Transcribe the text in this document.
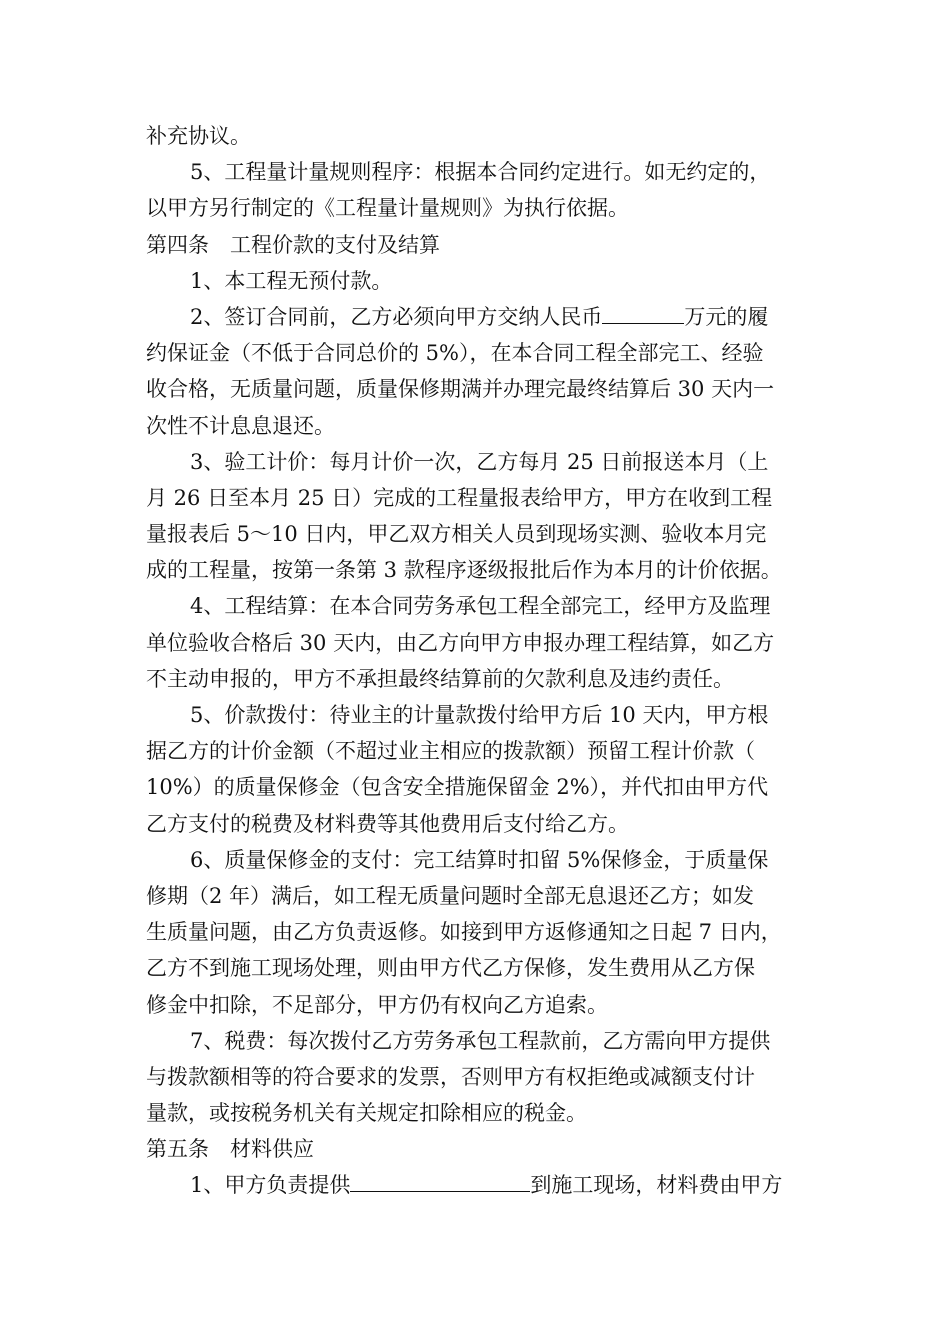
补充协议。
5、工程量计量规则程序：根据本合同约定进行。如无约定的，
以甲方另行制定的《工程量计量规则》为执行依据。
第四条　工程价款的支付及结算
1、本工程无预付款。
2、签订合同前，乙方必须向甲方交纳人民币	万元的履
约保证金（不低于合同总价的 5%），在本合同工程全部完工、经验
收合格，无质量问题，质量保修期满并办理完最终结算后 30 天内一
次性不计息息退还。
3、验工计价：每月计价一次，乙方每月 25 日前报送本月（上
月 26 日至本月 25 日）完成的工程量报表给甲方，甲方在收到工程
量报表后 5～10 日内，甲乙双方相关人员到现场实测、验收本月完
成的工程量，按第一条第 3 款程序逐级报批后作为本月的计价依据。
4、工程结算：在本合同劳务承包工程全部完工，经甲方及监理
单位验收合格后 30 天内，由乙方向甲方申报办理工程结算，如乙方
不主动申报的，甲方不承担最终结算前的欠款利息及违约责任。
5、价款拨付：待业主的计量款拨付给甲方后 10 天内，甲方根
据乙方的计价金额（不超过业主相应的拨款额）预留工程计价款（
10%）的质量保修金（包含安全措施保留金 2%），并代扣由甲方代
乙方支付的税费及材料费等其他费用后支付给乙方。
6、质量保修金的支付：完工结算时扣留 5%保修金，于质量保
修期（2 年）满后，如工程无质量问题时全部无息退还乙方；如发
生质量问题，由乙方负责返修。如接到甲方返修通知之日起 7 日内，
乙方不到施工现场处理，则由甲方代乙方保修，发生费用从乙方保
修金中扣除，不足部分，甲方仍有权向乙方追索。
7、税费：每次拨付乙方劳务承包工程款前，乙方需向甲方提供
与拨款额相等的符合要求的发票，否则甲方有权拒绝或减额支付计
量款，或按税务机关有关规定扣除相应的税金。
第五条　材料供应
1、甲方负责提供	到施工现场，材料费由甲方
